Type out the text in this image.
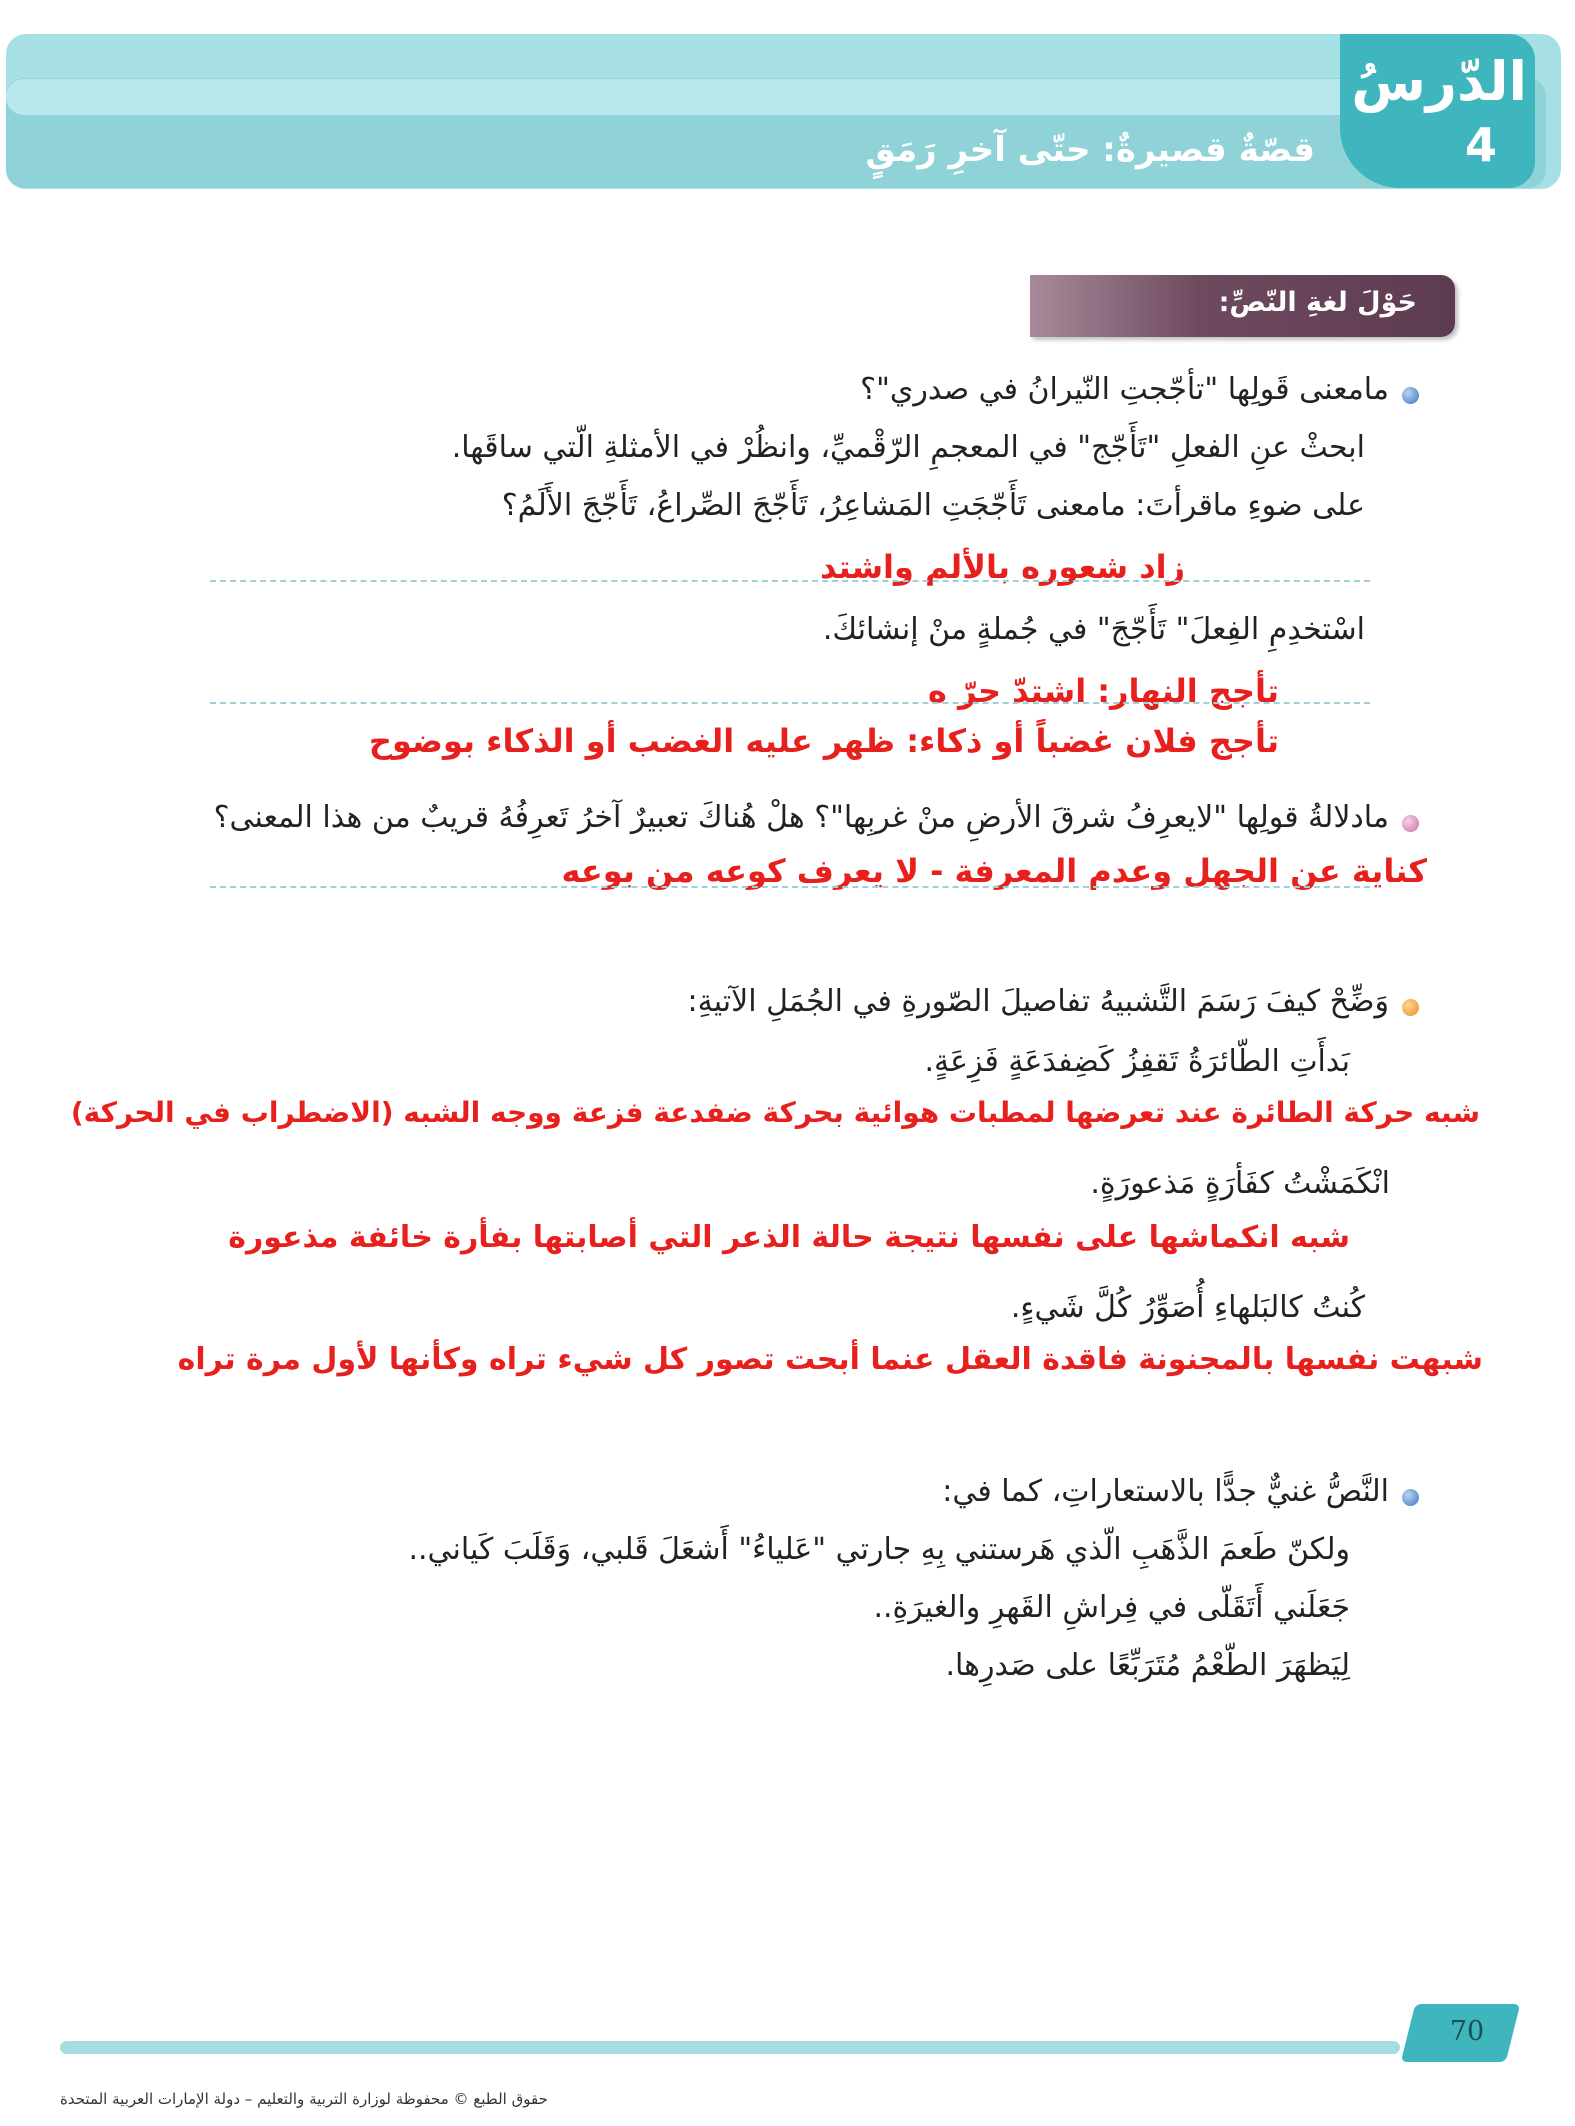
الدّرسُ
4
قصّةٌ قصيرةٌ: حتّى آخرِ رَمَقٍ
حَوْلَ لغةِ النّصِّ:
مامعنى قَولِها "تأجّجتِ النّيرانُ في صدري"؟
ابحثْ عنِ الفعلِ "تَأَجّج" في المعجمِ الرّقْميِّ، وانظُرْ في الأمثلةِ الّتي ساقَها.
على ضوءِ ماقرأتَ: مامعنى تَأَجّجَتِ المَشاعِرُ، تَأَجّجَ الصِّراعُ، تَأَجّجَ الأَلَمُ؟
زاد شعوره بالألم واشتد
اسْتخدِمِ الفِعلَ" تَأَجّجَ" في جُملةٍ منْ إنشائكَ.
تأجج النهار: اشتدّ حرّ ه
تأجج فلان غضباً أو ذكاء: ظهر عليه الغضب أو الذكاء بوضوح
مادلالةُ قولِها "لايعرِفُ شرقَ الأرضِ منْ غربِها"؟ هلْ هُناكَ تعبيرٌ آخرُ تَعرِفُهُ قريبٌ من هذا المعنى؟
كناية عن الجهل وعدم المعرفة - لا يعرف كوعه من بوعه
وَضِّحْ كيفَ رَسَمَ التَّشبيهُ تفاصيلَ الصّورةِ في الجُمَلِ الآتيةِ:
بَدأَتِ الطّائرَةُ تَقفِزُ كَضِفدَعَةٍ فَزِعَةٍ.
شبه حركة الطائرة عند تعرضها لمطبات هوائية بحركة ضفدعة فزعة ووجه الشبه (الاضطراب في الحركة)
انْكَمَشْتُ كفَأرَةٍ مَذعورَةٍ.
شبه انكماشها على نفسها نتيجة حالة الذعر التي أصابتها بفأرة خائفة مذعورة
كُنتُ كالبَلهاءِ أُصَوِّرُ كُلَّ شَيءٍ.
شبهت نفسها بالمجنونة فاقدة العقل عنما أبحت تصور كل شيء تراه وكأنها لأول مرة تراه
النَّصُّ غنيٌّ جدًّا بالاستعاراتِ، كما في:
ولكنّ طَعمَ الذَّهَبِ الّذي هَرستني بِهِ جارتي "عَلياءُ" أَشعَلَ قَلبي، وَقَلَبَ كَياني..
جَعَلَني أَتَقَلّى في فِراشِ القَهرِ والغيرَةِ..
لِيَظهَرَ الطّعْمُ مُتَرَبِّعًا على صَدرِها.
70
حقوق الطبع © محفوظة لوزارة التربية والتعليم – دولة الإمارات العربية المتحدة
